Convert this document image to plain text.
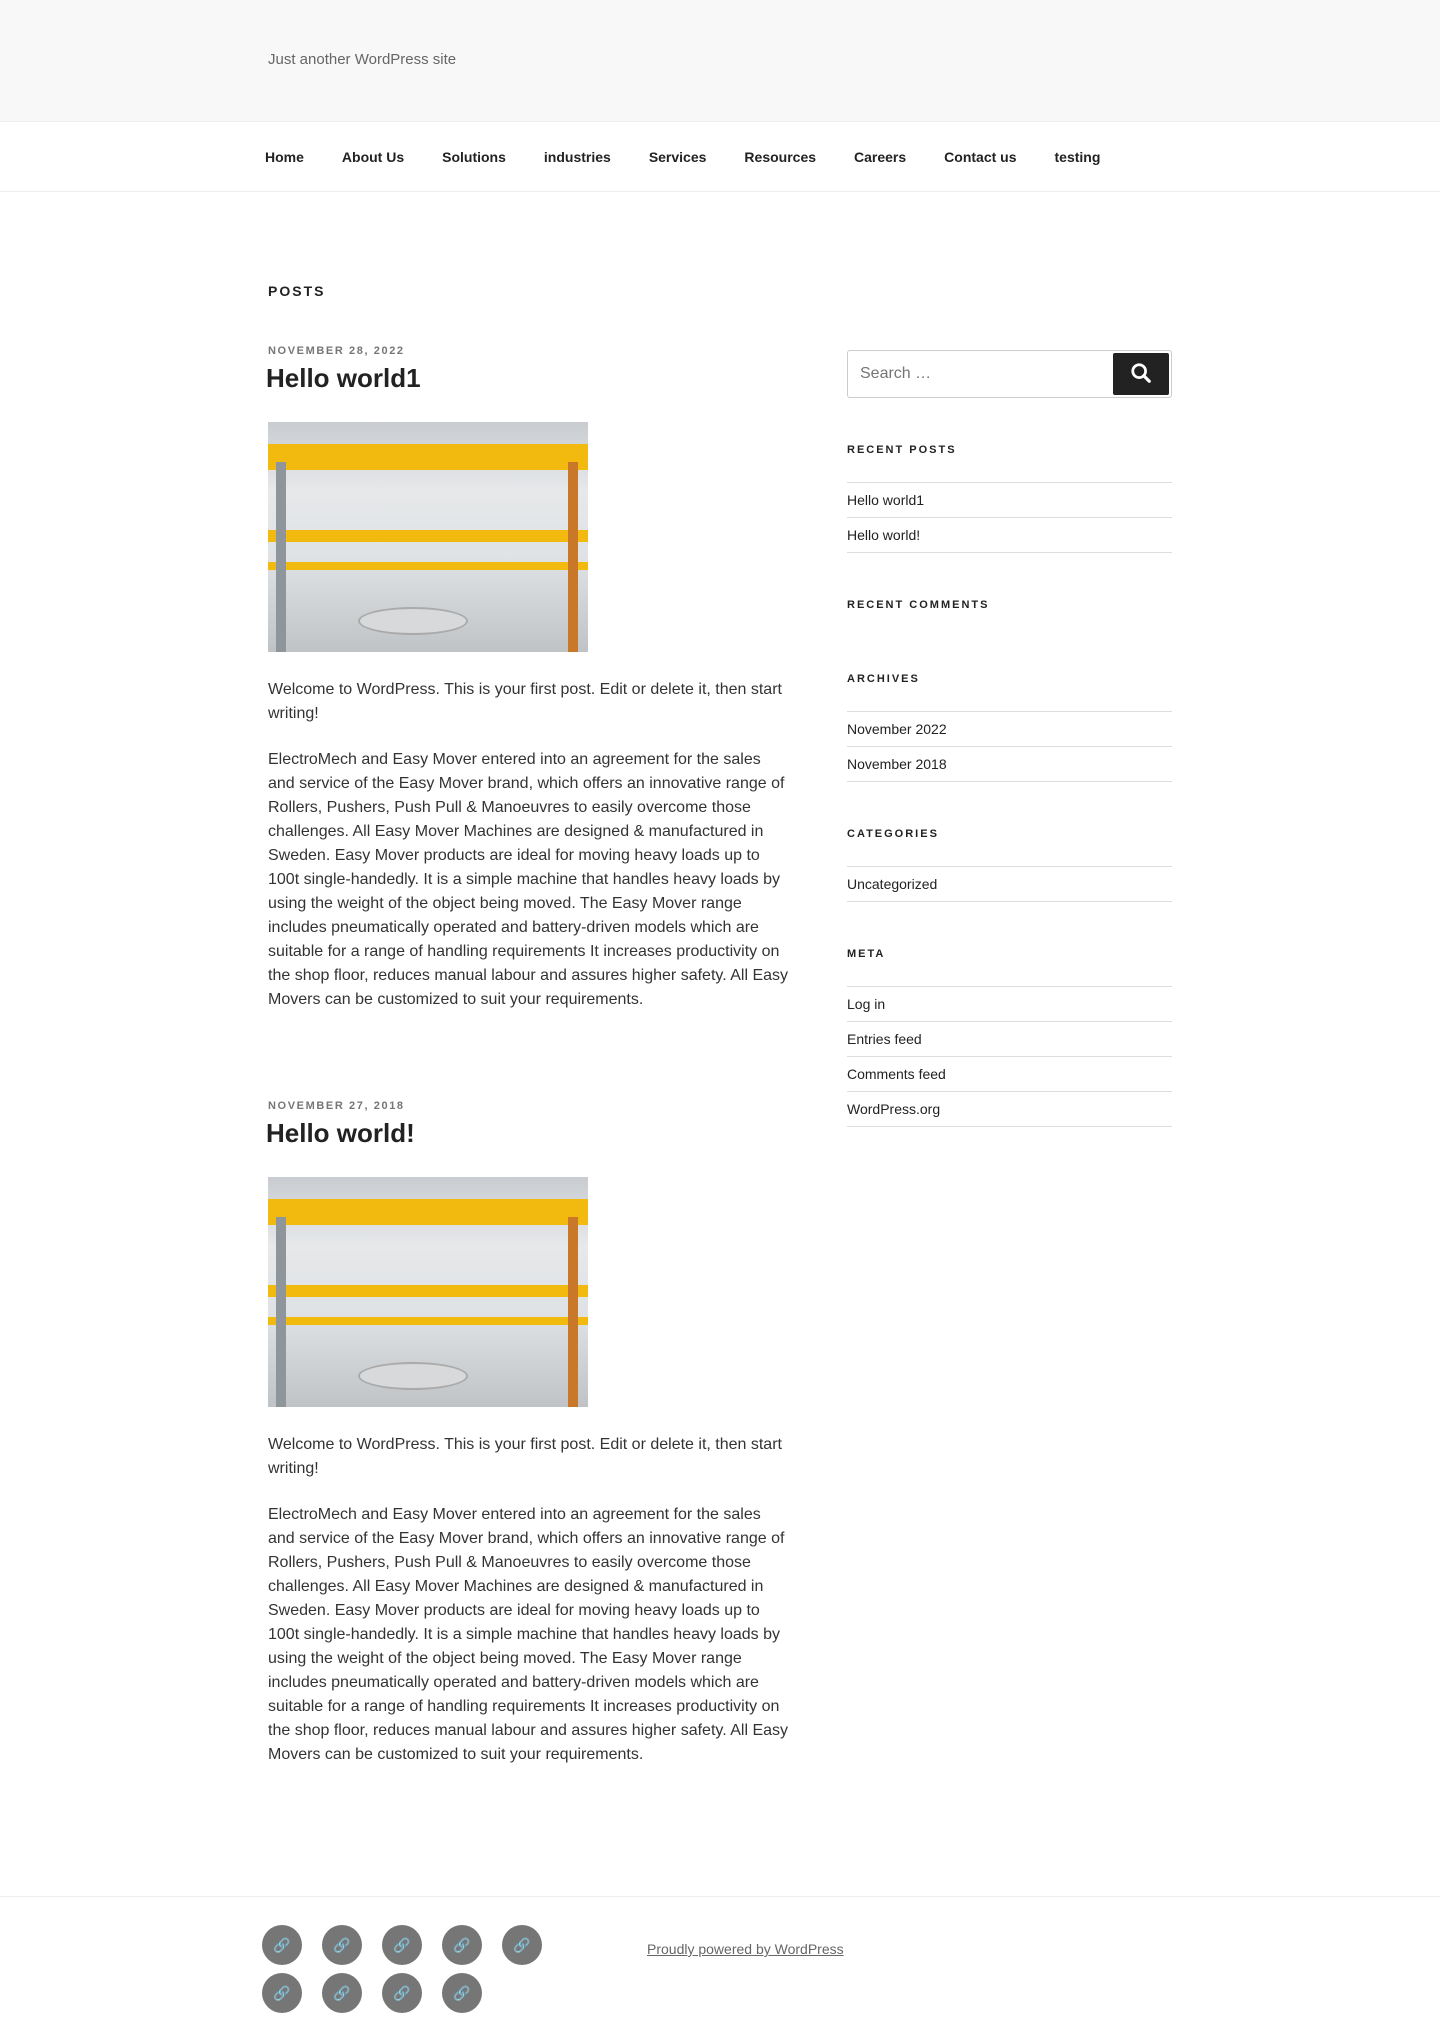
Just another WordPress site
Home	About Us	Solutions	industries	Services	Resources	Careers	Contact us	testing
POSTS
NOVEMBER 28, 2022
Hello world1

Welcome to WordPress. This is your first post. Edit or delete it, then start writing!

ElectroMech and Easy Mover entered into an agreement for the sales and service of the Easy Mover brand, which offers an innovative range of Rollers, Pushers, Push Pull & Manoeuvres to easily overcome those challenges. All Easy Mover Machines are designed & manufactured in Sweden. Easy Mover products are ideal for moving heavy loads up to 100t single-handedly. It is a simple machine that handles heavy loads by using the weight of the object being moved. The Easy Mover range includes pneumatically operated and battery-driven models which are suitable for a range of handling requirements It increases productivity on the shop floor, reduces manual labour and assures higher safety. All Easy Movers can be customized to suit your requirements.

NOVEMBER 27, 2018
Hello world!

Welcome to WordPress. This is your first post. Edit or delete it, then start writing!

ElectroMech and Easy Mover entered into an agreement for the sales and service of the Easy Mover brand, which offers an innovative range of Rollers, Pushers, Push Pull & Manoeuvres to easily overcome those challenges. All Easy Mover Machines are designed & manufactured in Sweden. Easy Mover products are ideal for moving heavy loads up to 100t single-handedly. It is a simple machine that handles heavy loads by using the weight of the object being moved. The Easy Mover range includes pneumatically operated and battery-driven models which are suitable for a range of handling requirements It increases productivity on the shop floor, reduces manual labour and assures higher safety. All Easy Movers can be customized to suit your requirements.

Search …
RECENT POSTS
Hello world1
Hello world!
RECENT COMMENTS
ARCHIVES
November 2022
November 2018
CATEGORIES
Uncategorized
META
Log in
Entries feed
Comments feed
WordPress.org
🔗	🔗	🔗	🔗	🔗
🔗	🔗	🔗	🔗
Proudly powered by WordPress
